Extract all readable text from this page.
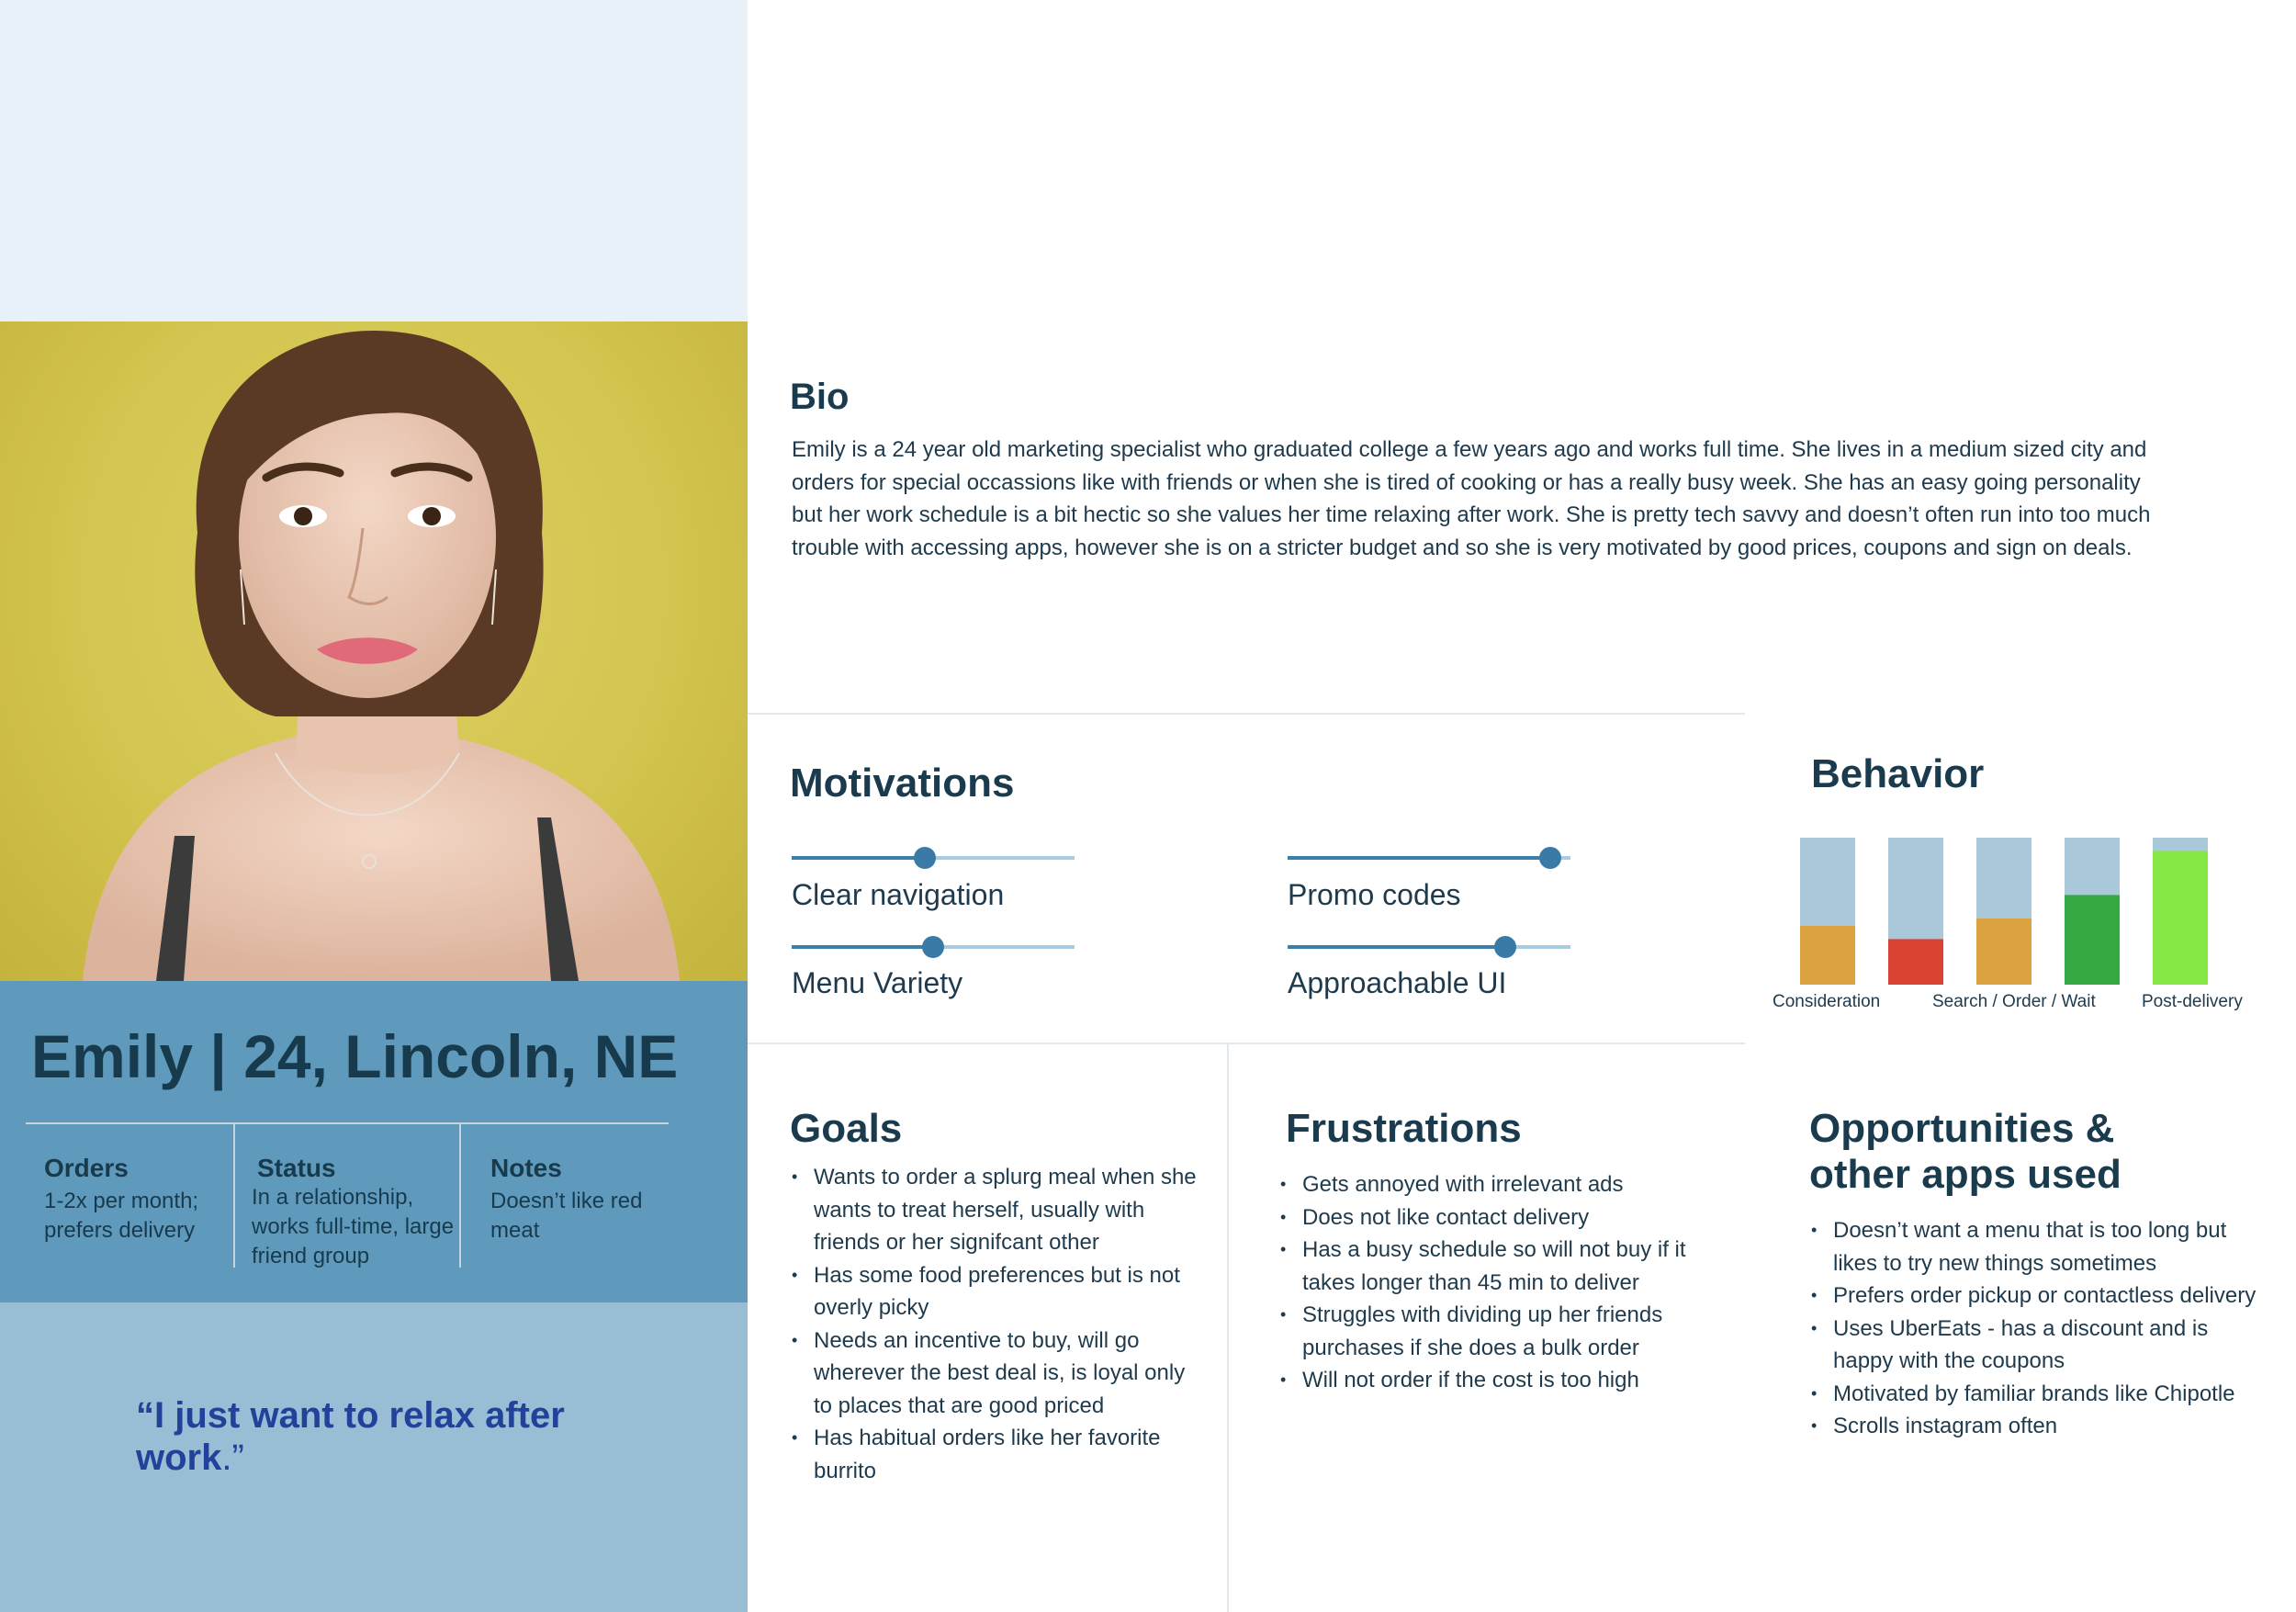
Emily | 24, Lincoln, NE
Orders
1-2x per month; prefers delivery
Status
In a relationship, works full-time, large friend group
Notes
Doesn’t like red meat
“I just want to relax after work.”
Bio
Emily is a 24 year old marketing specialist who graduated college a few years ago and works full time. She lives in a medium sized city and orders for special occassions like with friends or when she is tired of cooking or has a really busy week. She has an easy going personality but her work schedule is a bit hectic so she values her time relaxing after work. She is pretty tech savvy and doesn’t often run into too much trouble with accessing apps, however she is on a stricter budget and so she is very motivated by good prices, coupons and sign on deals.
Motivations
Clear navigation	Promo codes
Menu Variety	Approachable UI
Behavior
Consideration	Search / Order / Wait	Post-delivery
Goals
• Wants to order a splurg meal when she wants to treat herself, usually with friends or her signifcant other
• Has some food preferences but is not overly picky
• Needs an incentive to buy, will go wherever the best deal is, is loyal only to places that are good priced
• Has habitual orders like her favorite burrito
Frustrations
• Gets annoyed with irrelevant ads
• Does not like contact delivery
• Has a busy schedule so will not buy if it takes longer than 45 min to deliver
• Struggles with dividing up her friends purchases if she does a bulk order
• Will not order if the cost is too high
Opportunities &
other apps used
• Doesn’t want a menu that is too long but likes to try new things sometimes
• Prefers order pickup or contactless delivery
• Uses UberEats - has a discount and is happy with the coupons
• Motivated by familiar brands like Chipotle
• Scrolls instagram often
